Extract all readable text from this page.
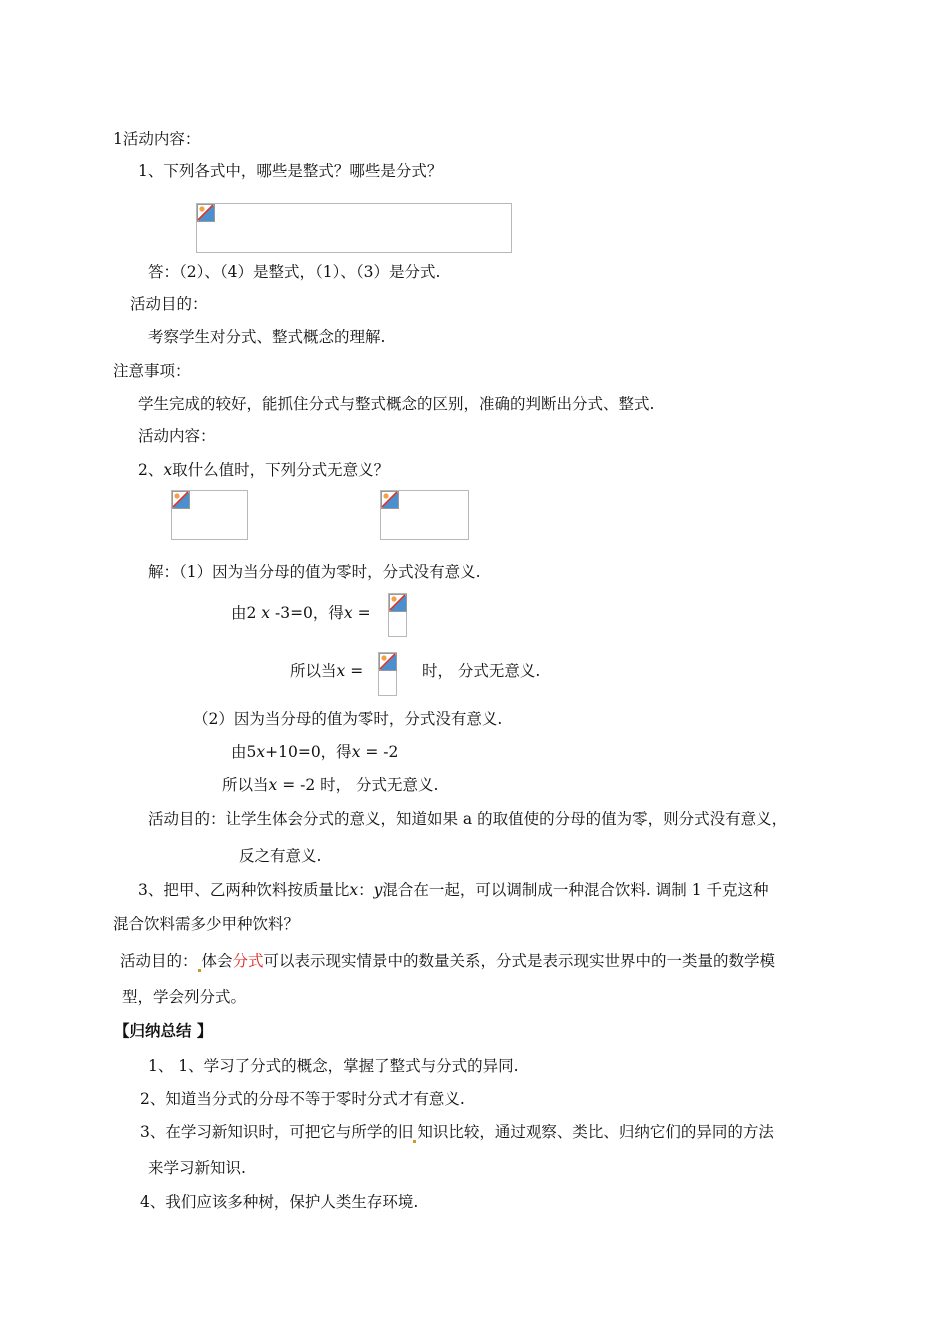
1活动内容：
1、下列各式中，哪些是整式？哪些是分式？
答：（2）、（4）是整式，（1）、（3）是分式.
活动目的：
考察学生对分式、整式概念的理解.
注意事项：
学生完成的较好，能抓住分式与整式概念的区别，准确的判断出分式、整式.
活动内容：
2、x取什么值时，下列分式无意义？
解：（1）因为当分母的值为零时，分式没有意义.
由2 x -3=0，得x =
所以当x =	时， 分式无意义.
（2）因为当分母的值为零时，分式没有意义.
由5x+10=0，得x = -2
所以当x = -2 时， 分式无意义.
活动目的：让学生体会分式的意义，知道如果 a 的取值使的分母的值为零，则分式没有意义，
反之有意义.
3、把甲、乙两种饮料按质量比x：y混合在一起，可以调制成一种混合饮料. 调制 1 千克这种
混合饮料需多少甲种饮料？
活动目的： 体会分式可以表示现实情景中的数量关系，分式是表示现实世界中的一类量的数学模
型，学会列分式。
【归纳总结 】
1、 1、学习了分式的概念，掌握了整式与分式的异同.
2、知道当分式的分母不等于零时分式才有意义.
3、在学习新知识时，可把它与所学的旧 知识比较，通过观察、类比、归纳它们的异同的方法
来学习新知识.
4、我们应该多种树，保护人类生存环境.
